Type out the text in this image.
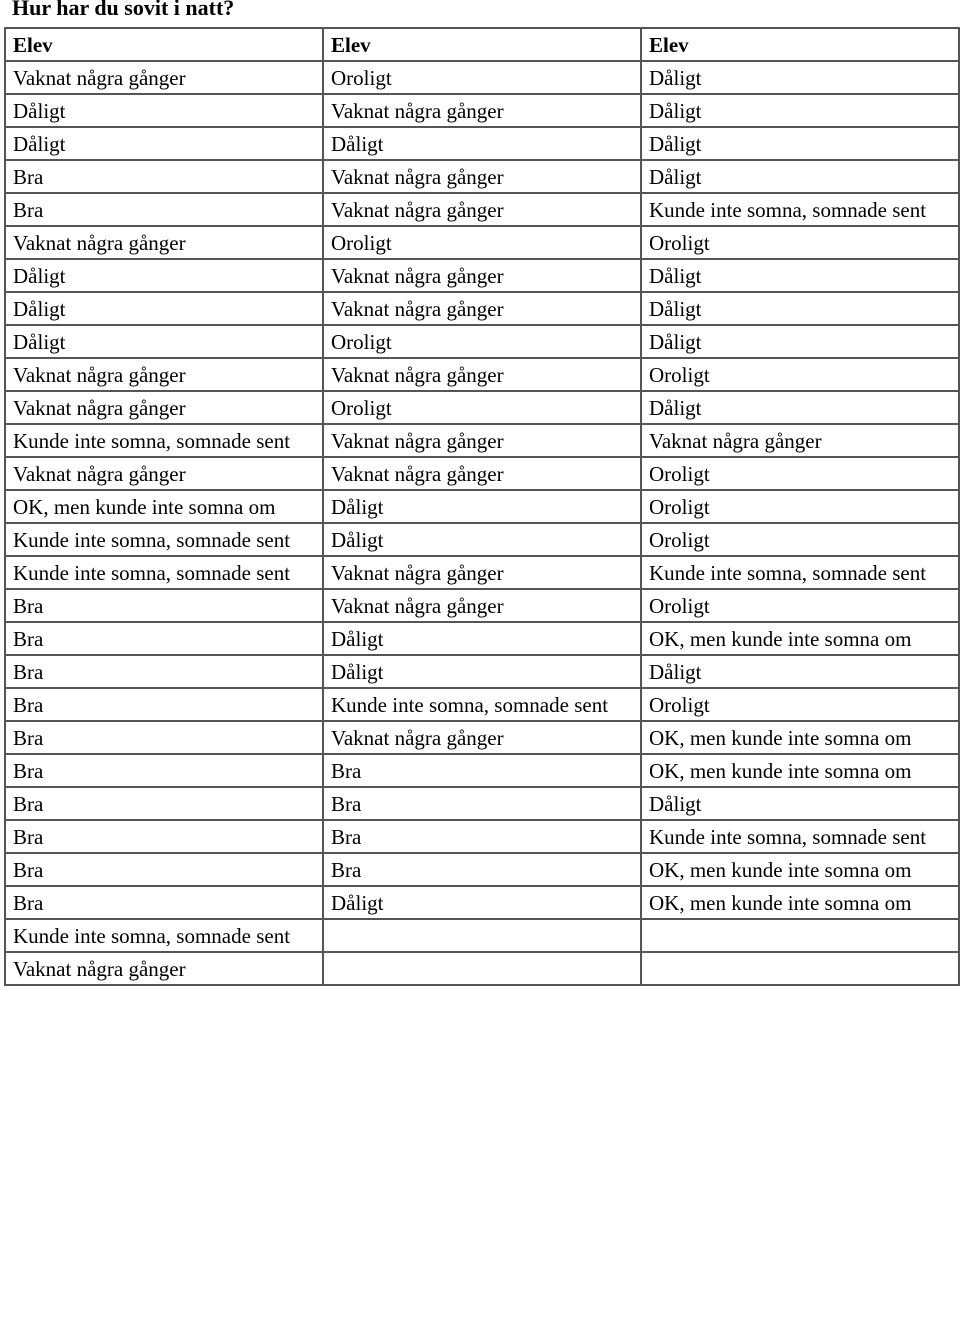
Hur har du sovit i natt?
Elev	Elev	Elev
Vaknat några gånger	Oroligt	Dåligt
Dåligt	Vaknat några gånger	Dåligt
Dåligt	Dåligt	Dåligt
Bra	Vaknat några gånger	Dåligt
Bra	Vaknat några gånger	Kunde inte somna, somnade sent
Vaknat några gånger	Oroligt	Oroligt
Dåligt	Vaknat några gånger	Dåligt
Dåligt	Vaknat några gånger	Dåligt
Dåligt	Oroligt	Dåligt
Vaknat några gånger	Vaknat några gånger	Oroligt
Vaknat några gånger	Oroligt	Dåligt
Kunde inte somna, somnade sent	Vaknat några gånger	Vaknat några gånger
Vaknat några gånger	Vaknat några gånger	Oroligt
OK, men kunde inte somna om	Dåligt	Oroligt
Kunde inte somna, somnade sent	Dåligt	Oroligt
Kunde inte somna, somnade sent	Vaknat några gånger	Kunde inte somna, somnade sent
Bra	Vaknat några gånger	Oroligt
Bra	Dåligt	OK, men kunde inte somna om
Bra	Dåligt	Dåligt
Bra	Kunde inte somna, somnade sent	Oroligt
Bra	Vaknat några gånger	OK, men kunde inte somna om
Bra	Bra	OK, men kunde inte somna om
Bra	Bra	Dåligt
Bra	Bra	Kunde inte somna, somnade sent
Bra	Bra	OK, men kunde inte somna om
Bra	Dåligt	OK, men kunde inte somna om
Kunde inte somna, somnade sent		
Vaknat några gånger		
